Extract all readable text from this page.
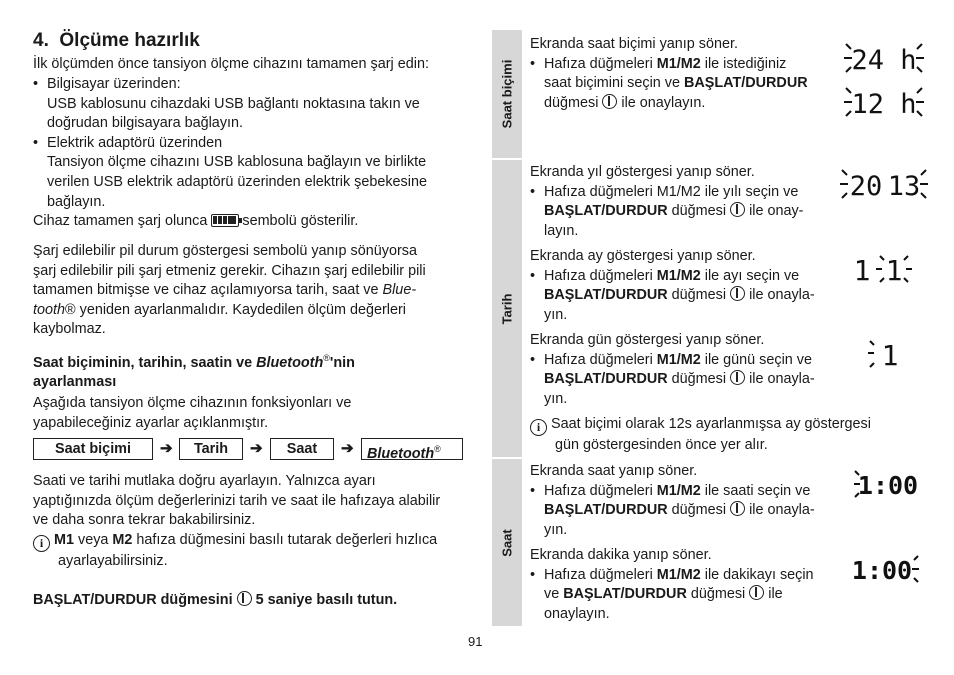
4.  Ölçüme hazırlık
İlk ölçümden önce tansiyon ölçme cihazını tamamen şarj edin:
• Bilgisayar üzerinden:
USB kablosunu cihazdaki USB bağlantı noktasına takın ve
doğrudan bilgisayara bağlayın.
• Elektrik adaptörü üzerinden
Tansiyon ölçme cihazını USB kablosuna bağlayın ve birlikte
verilen USB elektrik adaptörü üzerinden elektrik şebekesine
bağlayın.
Cihaz tamamen şarj olunca sembolü gösterilir.
Şarj edilebilir pil durum göstergesi sembolü yanıp sönüyorsa
şarj edilebilir pili şarj etmeniz gerekir. Cihazın şarj edilebilir pili
tamamen bitmişse ve cihaz açılamıyorsa tarih, saat ve Blue-
tooth® yeniden ayarlanmalıdır. Kaydedilen ölçüm değerleri
kaybolmaz.
Saat biçiminin, tarihin, saatin ve Bluetooth®'nin
ayarlanması
Aşağıda tansiyon ölçme cihazının fonksiyonları ve
yapabileceğiniz ayarlar açıklanmıştır.
Saat biçimi	➔	Tarih	➔	Saat	➔ Bluetooth®
Saati ve tarihi mutlaka doğru ayarlayın. Yalnızca ayarı
yaptığınızda ölçüm değerlerinizi tarih ve saat ile hafızaya alabilir
ve daha sonra tekrar bakabilirsiniz.
i M1 veya M2 hafıza düğmesini basılı tutarak değerleri hızlıca
ayarlayabilirsiniz.
BAŞLAT/DURDUR düğmesini 5 saniye basılı tutun.
Saat biçimi
Tarih
Saat
Ekranda saat biçimi yanıp söner.
• Hafıza düğmeleri M1/M2 ile istediğiniz
saat biçimini seçin ve BAŞLAT/DURDUR
düğmesi ile onaylayın.
Ekranda yıl göstergesi yanıp söner.
• Hafıza düğmeleri M1/M2 ile yılı seçin ve
BAŞLAT/DURDUR düğmesi ile onay-
layın.
Ekranda ay göstergesi yanıp söner.
• Hafıza düğmeleri M1/M2 ile ayı seçin ve
BAŞLAT/DURDUR düğmesi ile onayla-
yın.
Ekranda gün göstergesi yanıp söner.
• Hafıza düğmeleri M1/M2 ile günü seçin ve
BAŞLAT/DURDUR düğmesi ile onayla-
yın.
i Saat biçimi olarak 12s ayarlanmışsa ay göstergesi
gün göstergesinden önce yer alır.
Ekranda saat yanıp söner.
• Hafıza düğmeleri M1/M2 ile saati seçin ve
BAŞLAT/DURDUR düğmesi ile onayla-
yın.
Ekranda dakika yanıp söner.
• Hafıza düğmeleri M1/M2 ile dakikayı seçin
ve BAŞLAT/DURDUR düğmesi ile
onaylayın.
24 h
12 h
20 13
1 1
1
1:00
1:00
91
